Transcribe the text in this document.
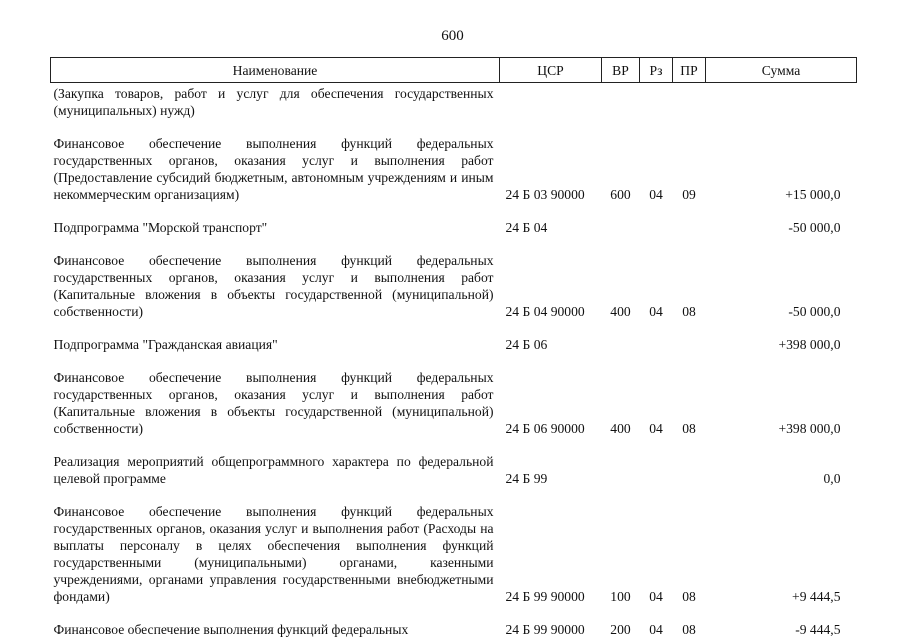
600
Наименование	ЦСР	ВР	Рз	ПР	Сумма
(Закупка товаров, работ и услуг для обеспечения государственных (муниципальных) нужд)					
Финансовое обеспечение выполнения функций федеральных государственных органов, оказания услуг и выполнения работ (Предоставление субсидий бюджетным, автономным учреждениям и иным некоммерческим организациям)	24 Б 03 90000	600	04	09	+15 000,0
Подпрограмма "Морской транспорт"	24 Б 04				-50 000,0
Финансовое обеспечение выполнения функций федеральных государственных органов, оказания услуг и выполнения работ (Капитальные вложения в объекты государственной (муниципальной) собственности)	24 Б 04 90000	400	04	08	-50 000,0
Подпрограмма "Гражданская авиация"	24 Б 06				+398 000,0
Финансовое обеспечение выполнения функций федеральных государственных органов, оказания услуг и выполнения работ (Капитальные вложения в объекты государственной (муниципальной) собственности)	24 Б 06 90000	400	04	08	+398 000,0
Реализация мероприятий общепрограммного характера по федеральной целевой программе	24 Б 99				0,0
Финансовое обеспечение выполнения функций федеральных государственных органов, оказания услуг и выполнения работ (Расходы на выплаты персоналу в целях обеспечения выполнения функций государственными (муниципальными) органами, казенными учреждениями, органами управления государственными внебюджетными фондами)	24 Б 99 90000	100	04	08	+9 444,5
Финансовое обеспечение выполнения функций федеральных	24 Б 99 90000	200	04	08	-9 444,5
